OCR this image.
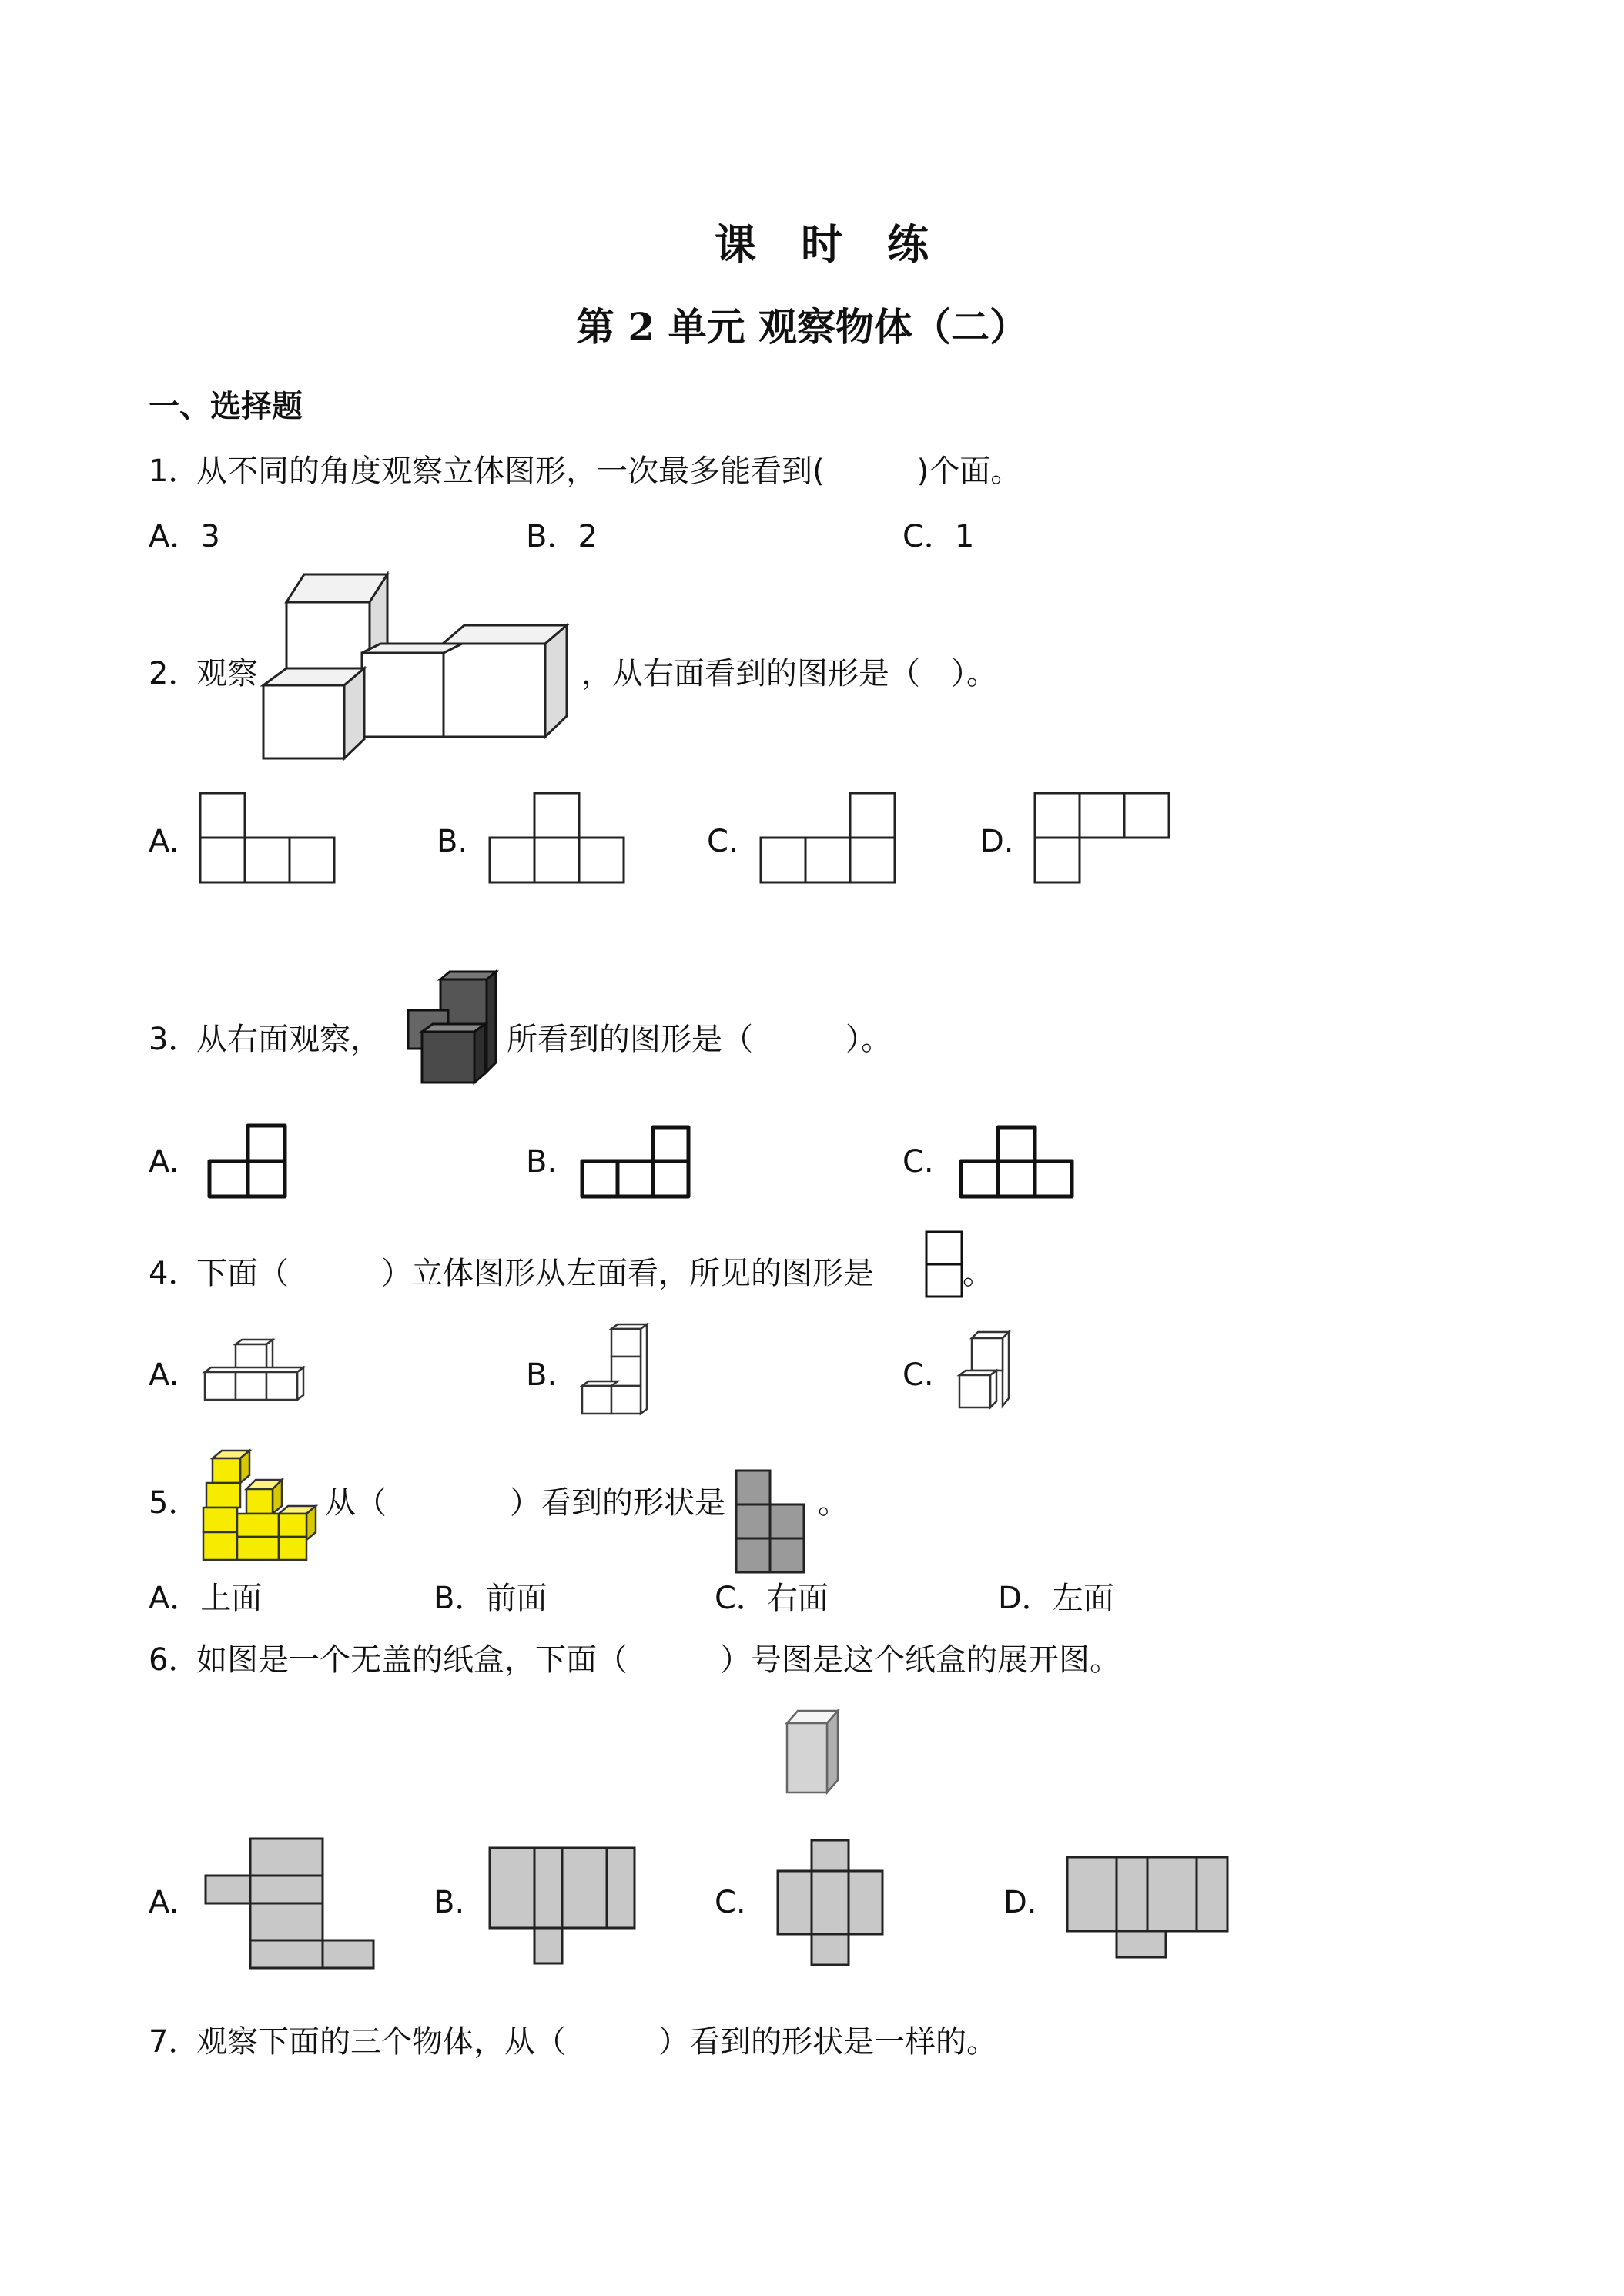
课　时　练
第 2 单元 观察物体（二）
一、选择题
1．
从不同的角度观察立体图形，一次最多能看到(　　　)个面。
A．3	B．2	C．1
2．
观察	，从右面看到的图形是（　）。
A.	B.	C.	D.
3．
从右面观察，	所看到的图形是（　　　）。
A.	B.	C.
4．
下面（　　　）立体图形从左面看，所见的图形是	。
A.	B.	C.
5．	从（　　　　）看到的形状是	。
A．上面	B．前面	C．右面	D．左面
6．
如图是一个无盖的纸盒，下面（　　　）号图是这个纸盒的展开图。
A.	B.	C.	D.
7．
观察下面的三个物体，从（　　　）看到的形状是一样的。
